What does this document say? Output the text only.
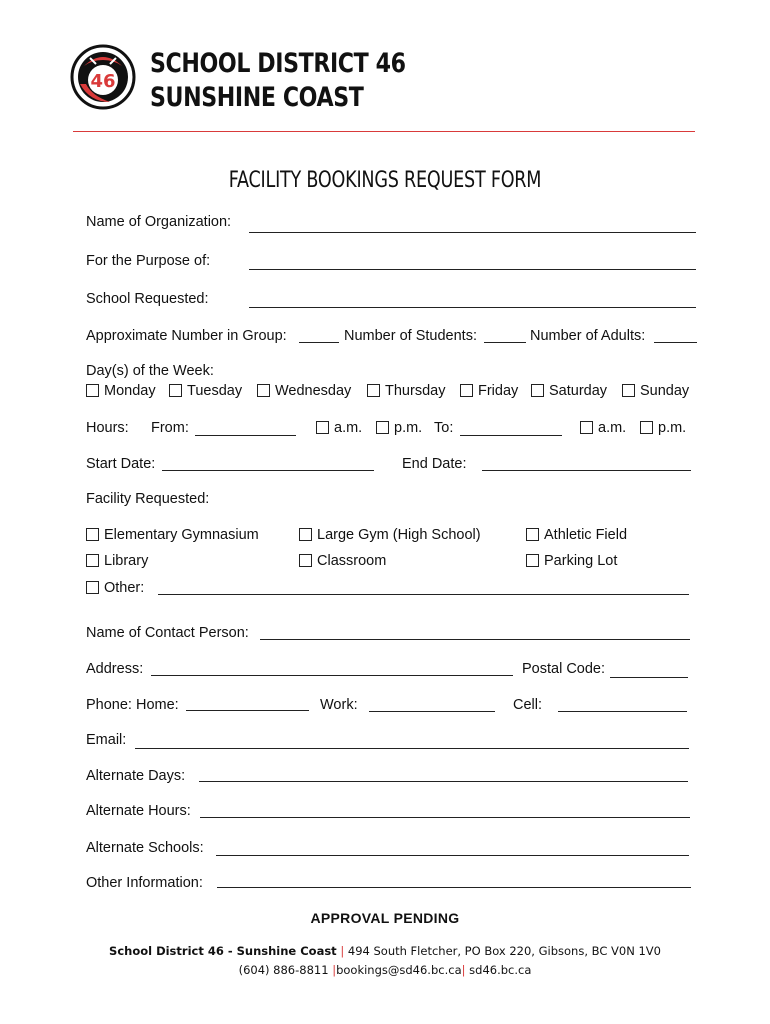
46
SCHOOL DISTRICT 46
SUNSHINE COAST
FACILITY BOOKINGS REQUEST FORM
Name of Organization:
For the Purpose of:
School Requested:
Approximate Number in Group:	Number of Students:	Number of Adults:
Day(s) of the Week:
Monday	Tuesday	Wednesday	Thursday	Friday	Saturday	Sunday
Hours: From:	a.m.	p.m. To:	a.m.	p.m.
Start Date:	End Date:
Facility Requested:
Elementary Gymnasium	Large Gym (High School)	Athletic Field
Library	Classroom	Parking Lot
Other:
Name of Contact Person:
Address:	Postal Code:
Phone: Home:	Work:	Cell:
Email:
Alternate Days:
Alternate Hours:
Alternate Schools:
Other Information:
APPROVAL PENDING
School District 46 - Sunshine Coast | 494 South Fletcher, PO Box 220, Gibsons, BC V0N 1V0
(604) 886-8811 |bookings@sd46.bc.ca| sd46.bc.ca
